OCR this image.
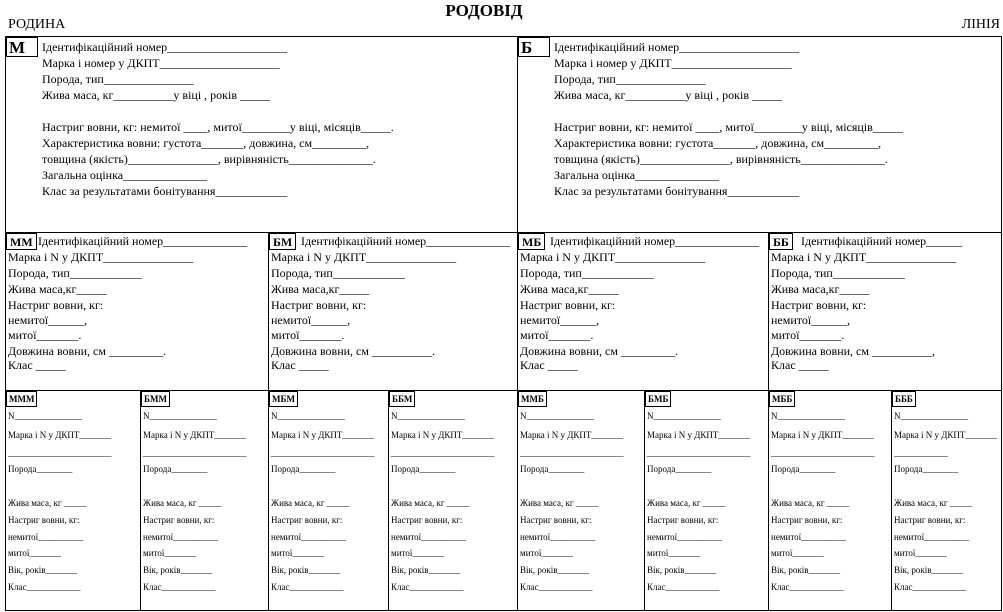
РОДОВІД
РОДИНА	ЛІНІЯ
М	Ідентифікаційний номер____________________
Марка і номер у ДКПТ____________________
Порода, тип_______________
Жива маса, кг__________у віці , років _____
Настриг вовни, кг: немитої ____, митої________у віці, місяців_____.
Характеристика вовни: густота_______, довжина, см_________,
товщина (якість)_______________, вирівняність______________.
Загальна оцінка______________
Клас за результатами бонітування____________
Б	Ідентифікаційний номер____________________
Марка і номер у ДКПТ____________________
Порода, тип_______________
Жива маса, кг__________у віці , років _____
Настриг вовни, кг: немитої ____, митої________у віці, місяців_____
Характеристика вовни: густота_______, довжина, см_________,
товщина (якість)_______________, вирівняність______________.
Загальна оцінка______________
Клас за результатами бонітування____________
ММ Ідентифікаційний номер______________
Марка і N у ДКПТ_______________
Порода, тип____________
Жива маса,кг_____
Настриг вовни, кг:
немитої______,
митої_______.
Довжина вовни, см _________.
Клас _____
БМ Ідентифікаційний номер______________
Марка і N у ДКПТ_______________
Порода, тип____________
Жива маса,кг_____
Настриг вовни, кг:
немитої______,
митої_______.
Довжина вовни, см __________.
Клас _____
МБ Ідентифікаційний номер______________
Марка і N у ДКПТ_______________
Порода, тип____________
Жива маса,кг_____
Настриг вовни, кг:
немитої______,
митої_______.
Довжина вовни, см _________.
Клас _____
ББ	Ідентифікаційний номер______
Марка і N у ДКПТ_______________
Порода, тип____________
Жива маса,кг_____
Настриг вовни, кг:
немитої______,
митої_______.
Довжина вовни, см __________,
Клас _____
МММ
N_______________
Марка і N у ДКПТ_______
_______________________
Порода________
Жива маса, кг _____
Настриг вовни, кг:
немитої__________
митої_______
Вік, років_______
Клас____________
БММ
N_______________
Марка і N у ДКПТ_______
_______________________
Порода________
Жива маса, кг _____
Настриг вовни, кг:
немитої__________
митої_______
Вік, років_______
Клас____________
МБМ
N_______________
Марка і N у ДКПТ_______
_______________________
Порода________
Жива маса, кг _____
Настриг вовни, кг:
немитої__________
митої_______
Вік, років_______
Клас____________
ББМ
N_______________
Марка і N у ДКПТ_______
_______________________
Порода________
Жива маса, кг _____
Настриг вовни, кг:
немитої__________
митої_______
Вік, років_______
Клас____________
ММБ
N_______________
Марка і N у ДКПТ_______
_______________________
Порода________
Жива маса, кг _____
Настриг вовни, кг:
немитої__________
митої_______
Вік, років_______
Клас____________
БМБ
N_______________
Марка і N у ДКПТ_______
_______________________
Порода________
Жива маса, кг _____
Настриг вовни, кг:
немитої__________
митої_______
Вік, років_______
Клас____________
МББ
N_______________
Марка і N у ДКПТ_______
_______________________
Порода________
Жива маса, кг _____
Настриг вовни, кг:
немитої__________
митої_______
Вік, років_______
Клас____________
БББ
N_______________
Марка і N у ДКПТ_______
____________
Порода________
Жива маса, кг _____
Настриг вовни, кг:
немитої__________
митої_______
Вік, років_______
Клас____________
